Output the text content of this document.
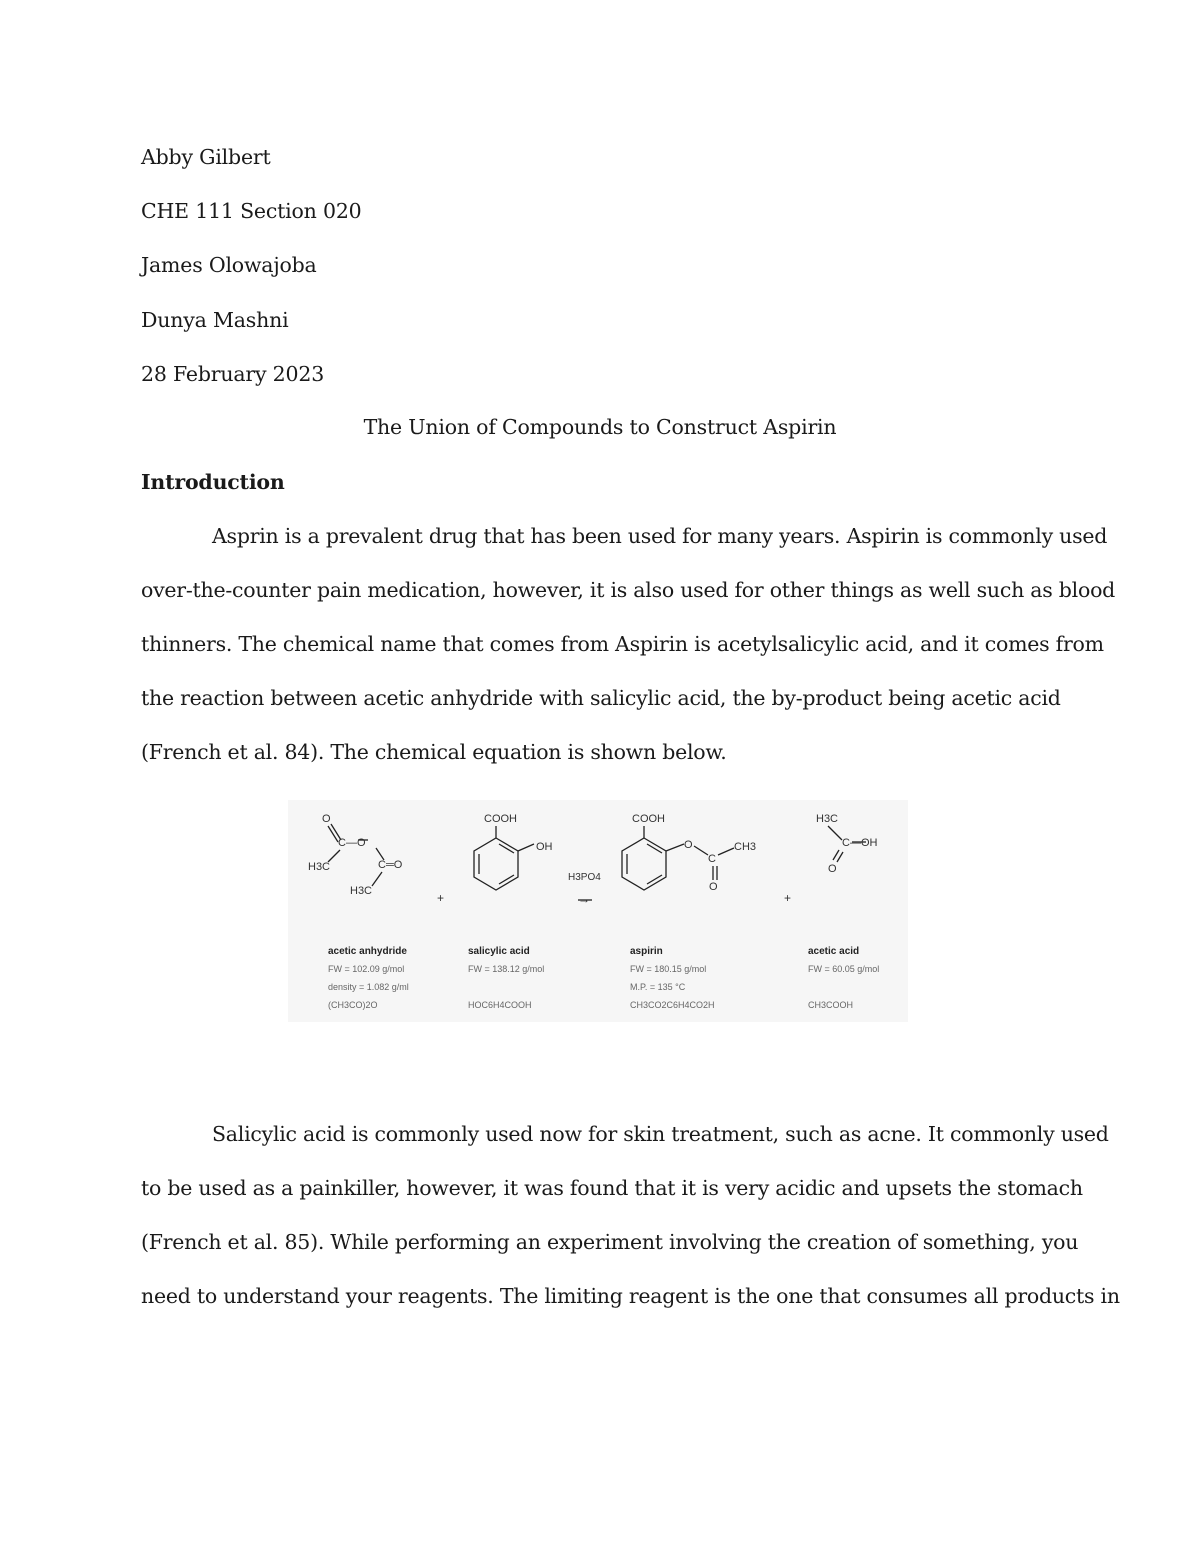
Abby Gilbert
CHE 111 Section 020
James Olowajoba
Dunya Mashni
28 February 2023
The Union of Compounds to Construct Aspirin
Introduction
Asprin is a prevalent drug that has been used for many years. Aspirin is commonly used
over-the-counter pain medication, however, it is also used for other things as well such as blood
thinners. The chemical name that comes from Aspirin is acetylsalicylic acid, and it comes from
the reaction between acetic anhydride with salicylic acid, the by-product being acetic acid
(French et al. 84). The chemical equation is shown below.
O
C—O
H3C	C═O
H3C
COOH
OH
H3PO4
→
+
COOH
O
C
CH3
O
+
H3C
C—OH
O
acetic anhydride
FW = 102.09 g/mol
density = 1.082 g/ml
(CH3CO)2O
salicylic acid
FW = 138.12 g/mol
HOC6H4COOH
aspirin
FW = 180.15 g/mol
M.P. = 135 °C
CH3CO2C6H4CO2H
acetic acid
FW = 60.05 g/mol
CH3COOH
Salicylic acid is commonly used now for skin treatment, such as acne. It commonly used
to be used as a painkiller, however, it was found that it is very acidic and upsets the stomach
(French et al. 85). While performing an experiment involving the creation of something, you
need to understand your reagents. The limiting reagent is the one that consumes all products in
